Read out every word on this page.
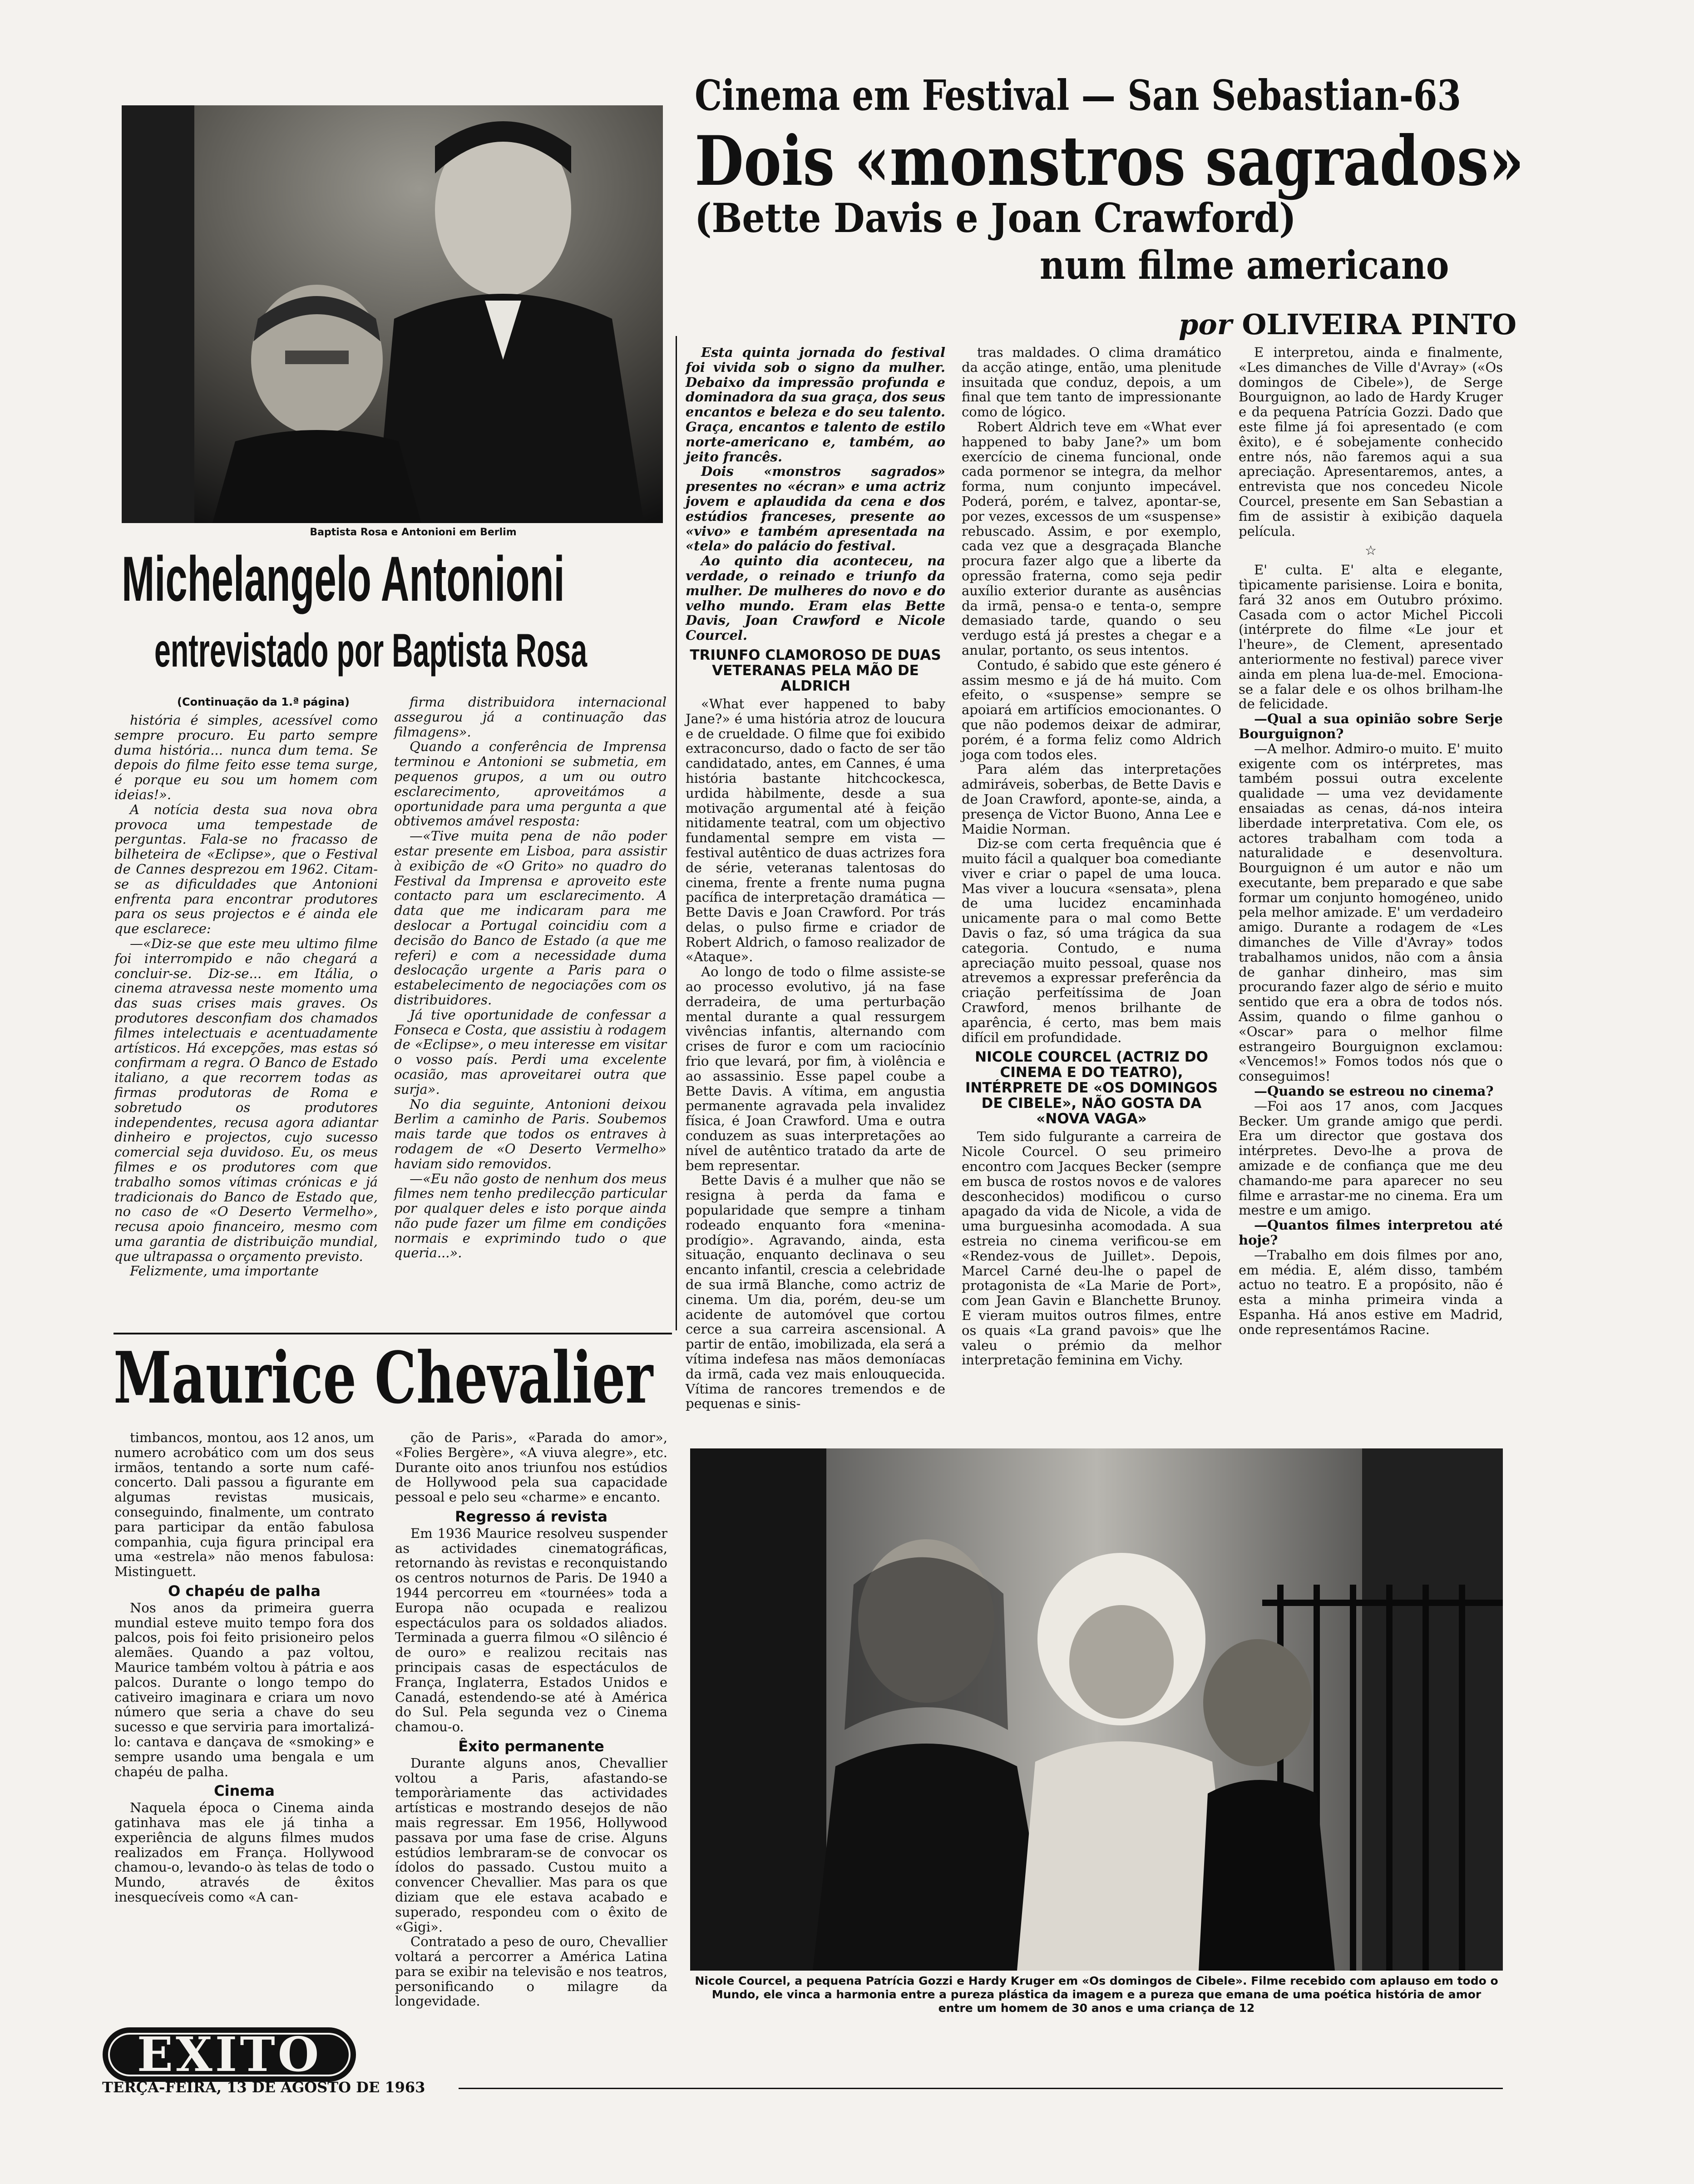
Baptista Rosa e Antonioni em Berlim
Michelangelo Antonioni
entrevistado por Baptista Rosa
(Continuação da 1.ª página)

história é simples, acessível como sempre procuro. Eu parto sempre duma história... nunca dum tema. Se depois do filme feito esse tema surge, é porque eu sou um homem com ideias!».

A notícia desta sua nova obra provoca uma tempestade de perguntas. Fala-se no fracasso de bilheteira de «Eclipse», que o Festival de Cannes desprezou em 1962. Citam-se as dificuldades que Antonioni enfrenta para encontrar produtores para os seus projectos e é ainda ele que esclarece:

—«Diz-se que este meu ultimo filme foi interrompido e não chegará a concluir-se. Diz-se... em Itália, o cinema atravessa neste momento uma das suas crises mais graves. Os produtores desconfiam dos chamados filmes intelectuais e acentuadamente artísticos. Há excepções, mas estas só confirmam a regra. O Banco de Estado italiano, a que recorrem todas as firmas produtoras de Roma e sobretudo os produtores independentes, recusa agora adiantar dinheiro e projectos, cujo sucesso comercial seja duvidoso. Eu, os meus filmes e os produtores com que trabalho somos vítimas crónicas e já tradicionais do Banco de Estado que, no caso de «O Deserto Vermelho», recusa apoio financeiro, mesmo com uma garantia de distribuição mundial, que ultrapassa o orçamento previsto.

Felizmente, uma importante

firma distribuidora internacional assegurou já a continuação das filmagens».

Quando a conferência de Imprensa terminou e Antonioni se submetia, em pequenos grupos, a um ou outro esclarecimento, aproveitámos a oportunidade para uma pergunta a que obtivemos amável resposta:

—«Tive muita pena de não poder estar presente em Lisboa, para assistir à exibição de «O Grito» no quadro do Festival da Imprensa e aproveito este contacto para um esclarecimento. A data que me indicaram para me deslocar a Portugal coincidiu com a decisão do Banco de Estado (a que me referi) e com a necessidade duma deslocação urgente a Paris para o estabelecimento de negociações com os distribuidores.

Já tive oportunidade de confessar a Fonseca e Costa, que assistiu à rodagem de «Eclipse», o meu interesse em visitar o vosso país. Perdi uma excelente ocasião, mas aproveitarei outra que surja».

No dia seguinte, Antonioni deixou Berlim a caminho de Paris. Soubemos mais tarde que todos os entraves à rodagem de «O Deserto Vermelho» haviam sido removidos.

—«Eu não gosto de nenhum dos meus filmes nem tenho predilecção particular por qualquer deles e isto porque ainda não pude fazer um filme em condições normais e exprimindo tudo o que queria...».

Cinema em Festival — San Sebastian-63
Dois «monstros sagrados»
(Bette Davis e Joan Crawford)
num filme americano
por OLIVEIRA PINTO

Esta quinta jornada do festival foi vivida sob o signo da mulher. Debaixo da impressão profunda e dominadora da sua graça, dos seus encantos e beleza e do seu talento. Graça, encantos e talento de estilo norte-americano e, também, ao jeito francês.

Dois «monstros sagrados» presentes no «écran» e uma actriz jovem e aplaudida da cena e dos estúdios franceses, presente ao «vivo» e também apresentada na «tela» do palácio do festival.

Ao quinto dia aconteceu, na verdade, o reinado e triunfo da mulher. De mulheres do novo e do velho mundo. Eram elas Bette Davis, Joan Crawford e Nicole Courcel.

TRIUNFO CLAMOROSO DE DUAS VETERANAS PELA MÃO DE ALDRICH

«What ever happened to baby Jane?» é uma história atroz de loucura e de crueldade. O filme que foi exibido extraconcurso, dado o facto de ser tão candidatado, antes, em Cannes, é uma história bastante hitchcockesca, urdida hàbilmente, desde a sua motivação argumental até à feição nitidamente teatral, com um objectivo fundamental sempre em vista — festival autêntico de duas actrizes fora de série, veteranas talentosas do cinema, frente a frente numa pugna pacífica de interpretação dramática — Bette Davis e Joan Crawford. Por trás delas, o pulso firme e criador de Robert Aldrich, o famoso realizador de «Ataque».

Ao longo de todo o filme assiste-se ao processo evolutivo, já na fase derradeira, de uma perturbação mental durante a qual ressurgem vivências infantis, alternando com crises de furor e com um raciocínio frio que levará, por fim, à violência e ao assassinio. Esse papel coube a Bette Davis. A vítima, em angustia permanente agravada pela invalidez física, é Joan Crawford. Uma e outra conduzem as suas interpretações ao nível de autêntico tratado da arte de bem representar.

Bette Davis é a mulher que não se resigna à perda da fama e popularidade que sempre a tinham rodeado enquanto fora «menina-prodígio». Agravando, ainda, esta situação, enquanto declinava o seu encanto infantil, crescia a celebridade de sua irmã Blanche, como actriz de cinema. Um dia, porém, deu-se um acidente de automóvel que cortou cerce a sua carreira ascensional. A partir de então, imobilizada, ela será a vítima indefesa nas mãos demoníacas da irmã, cada vez mais enlouquecida. Vítima de rancores tremendos e de pequenas e sinis-

tras maldades. O clima dramático da acção atinge, então, uma plenitude insuitada que conduz, depois, a um final que tem tanto de impressionante como de lógico.

Robert Aldrich teve em «What ever happened to baby Jane?» um bom exercício de cinema funcional, onde cada pormenor se integra, da melhor forma, num conjunto impecável. Poderá, porém, e talvez, apontar-se, por vezes, excessos de um «suspense» rebuscado. Assim, e por exemplo, cada vez que a desgraçada Blanche procura fazer algo que a liberte da opressão fraterna, como seja pedir auxílio exterior durante as ausências da irmã, pensa-o e tenta-o, sempre demasiado tarde, quando o seu verdugo está já prestes a chegar e a anular, portanto, os seus intentos.

Contudo, é sabido que este género é assim mesmo e já de há muito. Com efeito, o «suspense» sempre se apoiará em artifícios emocionantes. O que não podemos deixar de admirar, porém, é a forma feliz como Aldrich joga com todos eles.

Para além das interpretações admiráveis, soberbas, de Bette Davis e de Joan Crawford, aponte-se, ainda, a presença de Victor Buono, Anna Lee e Maidie Norman.

Diz-se com certa frequência que é muito fácil a qualquer boa comediante viver e criar o papel de uma louca. Mas viver a loucura «sensata», plena de uma lucidez encaminhada unicamente para o mal como Bette Davis o faz, só uma trágica da sua categoria. Contudo, e numa apreciação muito pessoal, quase nos atrevemos a expressar preferência da criação perfeitíssima de Joan Crawford, menos brilhante de aparência, é certo, mas bem mais difícil em profundidade.

NICOLE COURCEL (ACTRIZ DO CINEMA E DO TEATRO), INTÉRPRETE DE «OS DOMINGOS DE CIBELE», NÃO GOSTA DA «NOVA VAGA»

Tem sido fulgurante a carreira de Nicole Courcel. O seu primeiro encontro com Jacques Becker (sempre em busca de rostos novos e de valores desconhecidos) modificou o curso apagado da vida de Nicole, a vida de uma burguesinha acomodada. A sua estreia no cinema verificou-se em «Rendez-vous de Juillet». Depois, Marcel Carné deu-lhe o papel de protagonista de «La Marie de Port», com Jean Gavin e Blanchette Brunoy. E vieram muitos outros filmes, entre os quais «La grand pavois» que lhe valeu o prémio da melhor interpretação feminina em Vichy.

E interpretou, ainda e finalmente, «Les dimanches de Ville d'Avray» («Os domingos de Cibele»), de Serge Bourguignon, ao lado de Hardy Kruger e da pequena Patrícia Gozzi. Dado que este filme já foi apresentado (e com êxito), e é sobejamente conhecido entre nós, não faremos aqui a sua apreciação. Apresentaremos, antes, a entrevista que nos concedeu Nicole Courcel, presente em San Sebastian a fim de assistir à exibição daquela película.

☆

E' culta. E' alta e elegante, tìpicamente parisiense. Loira e bonita, fará 32 anos em Outubro próximo. Casada com o actor Michel Piccoli (intérprete do filme «Le jour et l'heure», de Clement, apresentado anteriormente no festival) parece viver ainda em plena lua-de-mel. Emociona-se a falar dele e os olhos brilham-lhe de felicidade.

—Qual a sua opinião sobre Serje Bourguignon?

—A melhor. Admiro-o muito. E' muito exigente com os intérpretes, mas também possui outra excelente qualidade — uma vez devidamente ensaiadas as cenas, dá-nos inteira liberdade interpretativa. Com ele, os actores trabalham com toda a naturalidade e desenvoltura. Bourguignon é um autor e não um executante, bem preparado e que sabe formar um conjunto homogéneo, unido pela melhor amizade. E' um verdadeiro amigo. Durante a rodagem de «Les dimanches de Ville d'Avray» todos trabalhamos unidos, não com a ânsia de ganhar dinheiro, mas sim procurando fazer algo de sério e muito sentido que era a obra de todos nós. Assim, quando o filme ganhou o «Oscar» para o melhor filme estrangeiro Bourguignon exclamou: «Vencemos!» Fomos todos nós que o conseguimos!

—Quando se estreou no cinema?

—Foi aos 17 anos, com Jacques Becker. Um grande amigo que perdi. Era um director que gostava dos intérpretes. Devo-lhe a prova de amizade e de confiança que me deu chamando-me para aparecer no seu filme e arrastar-me no cinema. Era um mestre e um amigo.

—Quantos filmes interpretou até hoje?

—Trabalho em dois filmes por ano, em média. E, além disso, também actuo no teatro. E a propósito, não é esta a minha primeira vinda a Espanha. Há anos estive em Madrid, onde representámos Racine.

Maurice Chevalier

timbancos, montou, aos 12 anos, um numero acrobático com um dos seus irmãos, tentando a sorte num café-concerto. Dali passou a figurante em algumas revistas musicais, conseguindo, finalmente, um contrato para participar da então fabulosa companhia, cuja figura principal era uma «estrela» não menos fabulosa: Mistinguett.

O chapéu de palha

Nos anos da primeira guerra mundial esteve muito tempo fora dos palcos, pois foi feito prisioneiro pelos alemães. Quando a paz voltou, Maurice também voltou à pátria e aos palcos. Durante o longo tempo do cativeiro imaginara e criara um novo número que seria a chave do seu sucesso e que serviria para imortalizá-lo: cantava e dançava de «smoking» e sempre usando uma bengala e um chapéu de palha.

Cinema

Naquela época o Cinema ainda gatinhava mas ele já tinha a experiência de alguns filmes mudos realizados em França. Hollywood chamou-o, levando-o às telas de todo o Mundo, através de êxitos inesquecíveis como «A can-

ção de Paris», «Parada do amor», «Folies Bergère», «A viuva alegre», etc. Durante oito anos triunfou nos estúdios de Hollywood pela sua capacidade pessoal e pelo seu «charme» e encanto.

Regresso á revista

Em 1936 Maurice resolveu suspender as actividades cinematográficas, retornando às revistas e reconquistando os centros noturnos de Paris. De 1940 a 1944 percorreu em «tournées» toda a Europa não ocupada e realizou espectáculos para os soldados aliados. Terminada a guerra filmou «O silêncio é de ouro» e realizou recitais nas principais casas de espectáculos de França, Inglaterra, Estados Unidos e Canadá, estendendo-se até à América do Sul. Pela segunda vez o Cinema chamou-o.

Êxito permanente

Durante alguns anos, Chevallier voltou a Paris, afastando-se temporàriamente das actividades artísticas e mostrando desejos de não mais regressar. Em 1956, Hollywood passava por uma fase de crise. Alguns estúdios lembraram-se de convocar os ídolos do passado. Custou muito a convencer Chevallier. Mas para os que diziam que ele estava acabado e superado, respondeu com o êxito de «Gigi».

Contratado a peso de ouro, Chevallier voltará a percorrer a América Latina para se exibir na televisão e nos teatros, personificando o milagre da longevidade.

EXITO
Nicole Courcel, a pequena Patrícia Gozzi e Hardy Kruger em «Os domingos de Cibele». Filme recebido com aplauso em todo o Mundo, ele vinca a harmonia entre a pureza plástica da imagem e a pureza que emana de uma poética história de amor entre um homem de 30 anos e uma criança de 12
TERÇA-FEIRA, 13 DE AGOSTO DE 1963
